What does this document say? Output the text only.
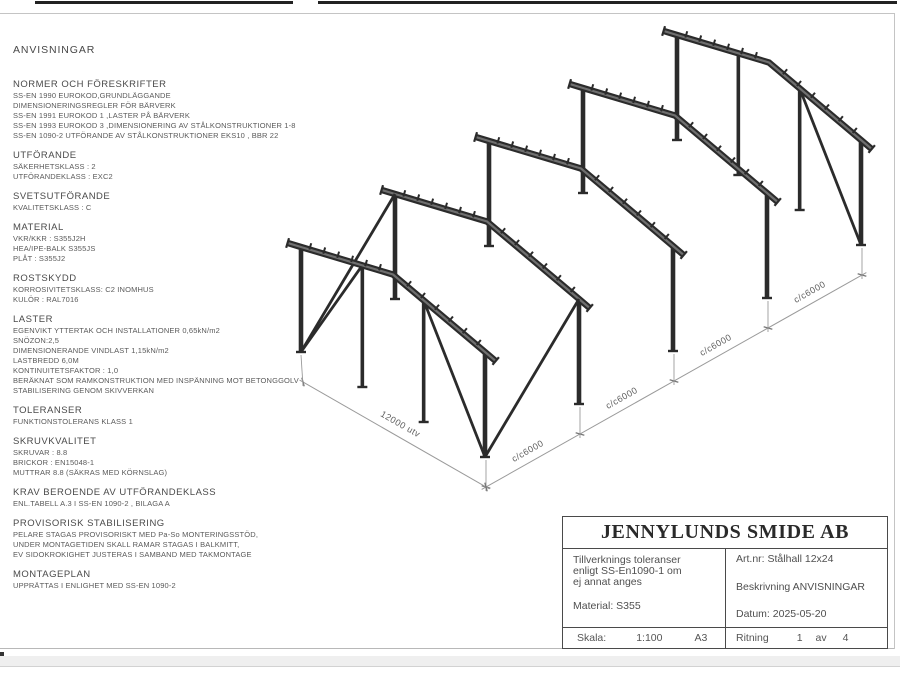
ANVISNINGAR
NORMER OCH FÖRESKRIFTER
SS-EN 1990 EUROKOD,GRUNDLÄGGANDE
DIMENSIONERINGSREGLER FÖR BÄRVERK
SS-EN 1991 EUROKOD 1 ,LASTER PÅ BÄRVERK
SS-EN 1993 EUROKOD 3 ,DIMENSIONERING AV STÅLKONSTRUKTIONER 1-8
SS-EN 1090-2 UTFÖRANDE AV STÅLKONSTRUKTIONER EKS10 , BBR 22
UTFÖRANDE
SÄKERHETSKLASS : 2
UTFÖRANDEKLASS : EXC2
SVETSUTFÖRANDE
KVALITETSKLASS : C
MATERIAL
VKR/KKR : S355J2H
HEA/IPE-BALK S355JS
PLÅT : S355J2
ROSTSKYDD
KORROSIVITETSKLASS: C2 INOMHUS
KULÖR : RAL7016
LASTER
EGENVIKT YTTERTAK OCH INSTALLATIONER 0,65kN/m2
SNÖZON:2,5
DIMENSIONERANDE VINDLAST 1,15kN/m2
LASTBREDD 6,0M
KONTINUITETSFAKTOR : 1,0
BERÄKNAT SOM RAMKONSTRUKTION MED INSPÄNNING MOT BETONGGOLV
STABILISERING GENOM SKIVVERKAN
TOLERANSER
FUNKTIONSTOLERANS KLASS 1
SKRUVKVALITET
SKRUVAR : 8.8
BRICKOR : EN15048-1
MUTTRAR 8.8 (SÄKRAS MED KÖRNSLAG)
KRAV BEROENDE AV UTFÖRANDEKLASS
ENL.TABELL A.3 I SS-EN 1090-2 , BILAGA A
PROVISORISK STABILISERING
PELARE STAGAS PROVISORISKT MED Pa-So MONTERINGSSTÖD,
UNDER MONTAGETIDEN SKALL RAMAR STAGAS I BALKMITT,
EV SIDOKROKIGHET JUSTERAS I SAMBAND MED TAKMONTAGE
MONTAGEPLAN
UPPRÄTTAS I ENLIGHET MED SS-EN 1090-2
c/c6000
c/c6000
c/c6000
c/c6000
12000 utv
JENNYLUNDS SMIDE AB
Tillverknings toleranser
enligt SS-En1090-1 om
ej annat anges
Material: S355
Art.nr: Stålhall 12x24
Beskrivning ANVISNINGAR
Datum: 2025-05-20
Skala:	1:100	A3	Ritning	1 av 4
